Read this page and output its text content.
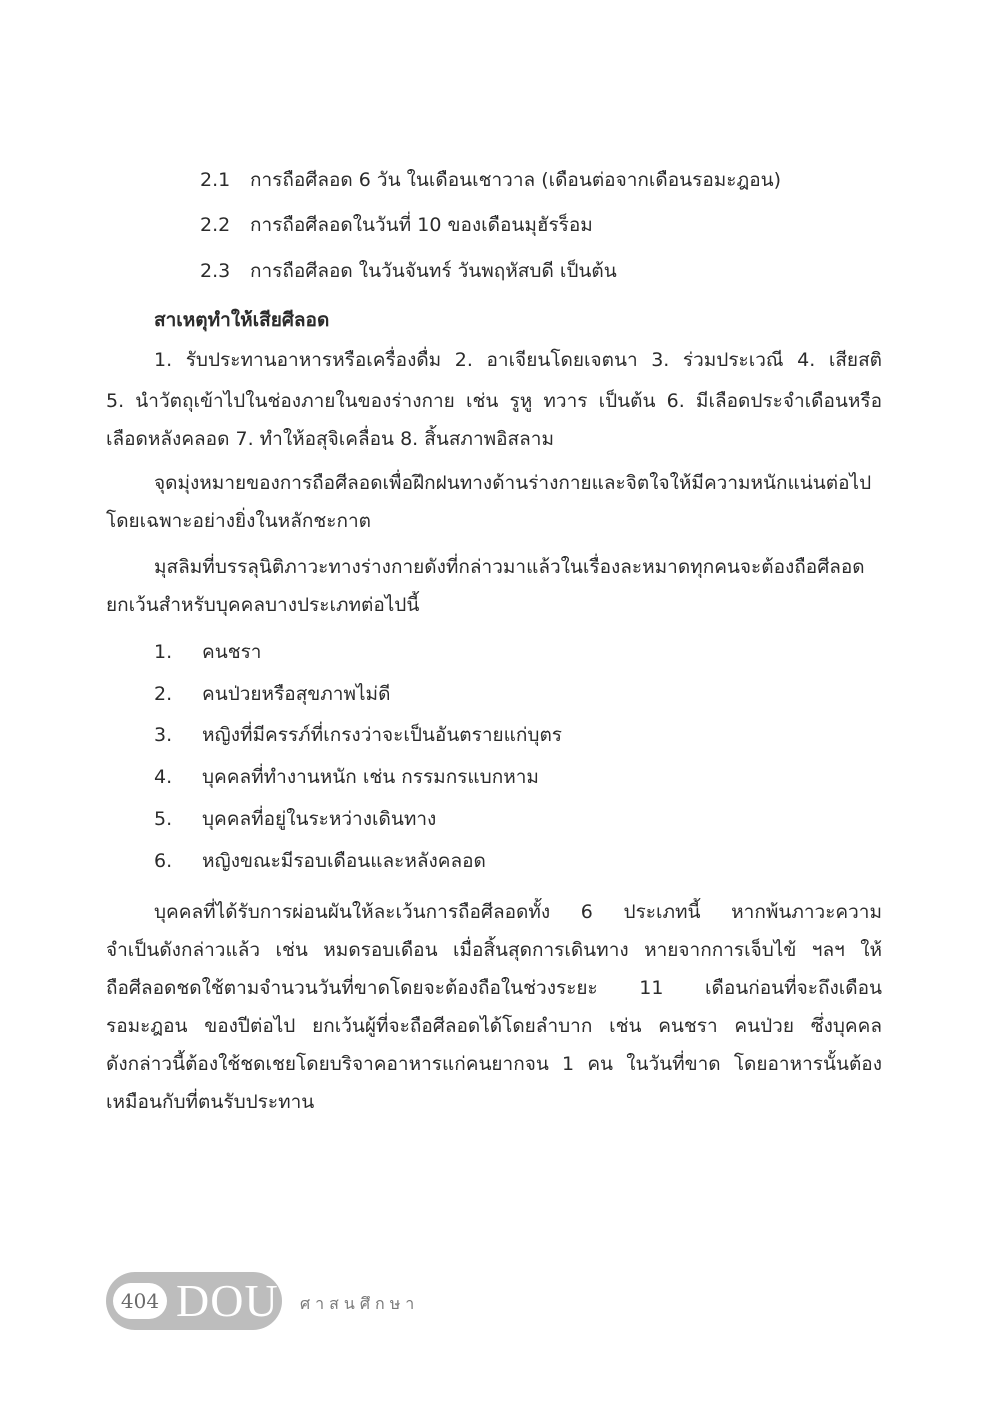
2.1 การถือศีลอด 6 วัน ในเดือนเชาวาล (เดือนต่อจากเดือนรอมะฎอน)
2.2 การถือศีลอดในวันที่ 10 ของเดือนมุฮัรร็อม
2.3 การถือศีลอด ในวันจันทร์ วันพฤหัสบดี เป็นต้น
สาเหตุทำให้เสียศีลอด
1. รับประทานอาหารหรือเครื่องดื่ม 2. อาเจียนโดยเจตนา 3. ร่วมประเวณี 4. เสียสติ
5. นำวัตถุเข้าไปในช่องภายในของร่างกาย เช่น รูหู ทวาร เป็นต้น 6. มีเลือดประจำเดือนหรือ
เลือดหลังคลอด 7. ทำให้อสุจิเคลื่อน 8. สิ้นสภาพอิสลาม
จุดมุ่งหมายของการถือศีลอดเพื่อฝึกฝนทางด้านร่างกายและจิตใจให้มีความหนักแน่นต่อไป
โดยเฉพาะอย่างยิ่งในหลักชะกาต
มุสลิมที่บรรลุนิติภาวะทางร่างกายดังที่กล่าวมาแล้วในเรื่องละหมาดทุกคนจะต้องถือศีลอด
ยกเว้นสำหรับบุคคลบางประเภทต่อไปนี้
1. คนชรา
2. คนป่วยหรือสุขภาพไม่ดี
3. หญิงที่มีครรภ์ที่เกรงว่าจะเป็นอันตรายแก่บุตร
4. บุคคลที่ทำงานหนัก เช่น กรรมกรแบกหาม
5. บุคคลที่อยู่ในระหว่างเดินทาง
6. หญิงขณะมีรอบเดือนและหลังคลอด
บุคคลที่ได้รับการผ่อนผันให้ละเว้นการถือศีลอดทั้ง 6 ประเภทนี้ หากพ้นภาวะความ
จำเป็นดังกล่าวแล้ว เช่น หมดรอบเดือน เมื่อสิ้นสุดการเดินทาง หายจากการเจ็บไข้ ฯลฯ ให้
ถือศีลอดชดใช้ตามจำนวนวันที่ขาดโดยจะต้องถือในช่วงระยะ 11 เดือนก่อนที่จะถึงเดือน
รอมะฎอน ของปีต่อไป ยกเว้นผู้ที่จะถือศีลอดได้โดยลำบาก เช่น คนชรา คนป่วย ซึ่งบุคคล
ดังกล่าวนี้ต้องใช้ชดเชยโดยบริจาคอาหารแก่คนยากจน 1 คน ในวันที่ขาด โดยอาหารนั้นต้อง
เหมือนกับที่ตนรับประทาน
404 DOU ศาสนศึกษา
